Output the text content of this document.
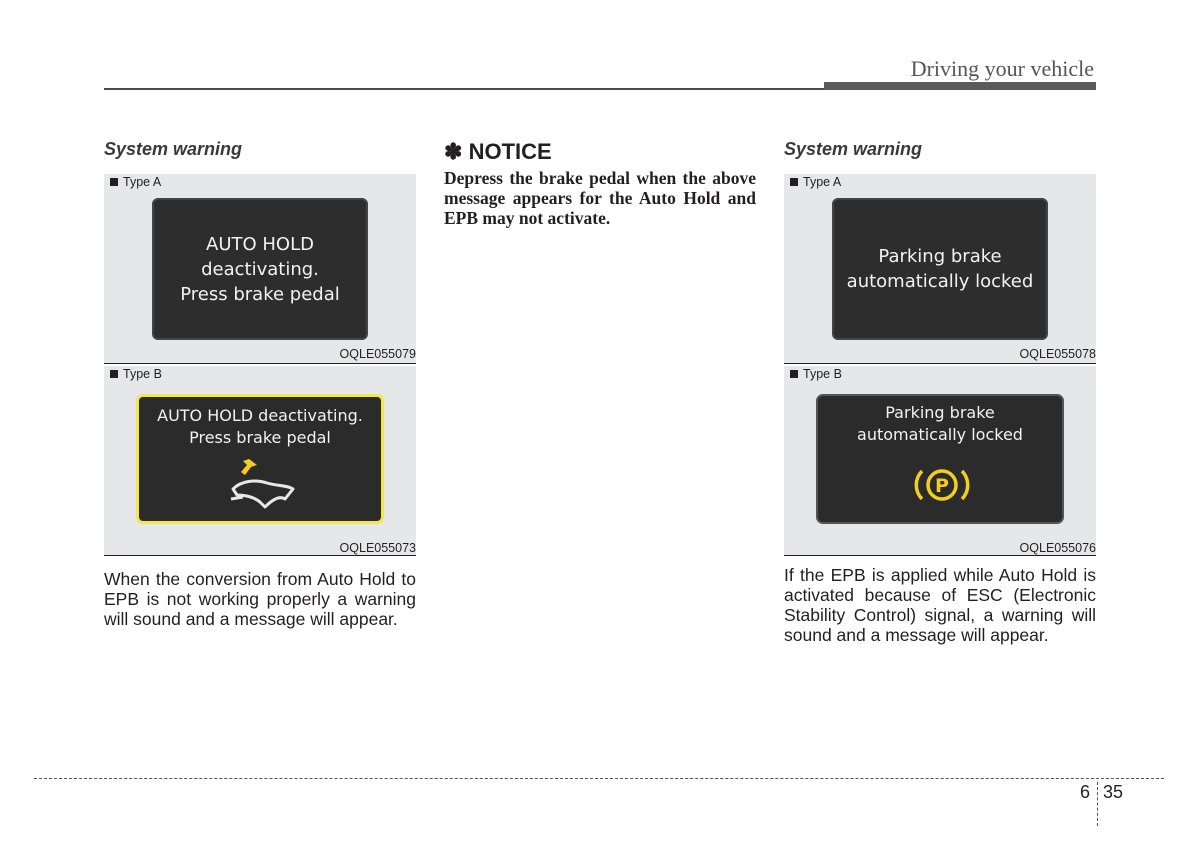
Driving your vehicle
System warning
Type A
AUTO HOLD
deactivating.
Press brake pedal
OQLE055079
Type B
AUTO HOLD deactivating.
Press brake pedal
OQLE055073
When the conversion from Auto Hold to EPB is not working properly a warning will sound and a message will appear.
✽ NOTICE
Depress the brake pedal when the above message appears for the Auto Hold and EPB may not activate.
System warning
Type A
Parking brake
automatically locked
OQLE055078
Type B
Parking brake
automatically locked
P
OQLE055076
If the EPB is applied while Auto Hold is activated because of ESC (Electronic Stability Control) signal, a warning will sound and a message will appear.
6 35
